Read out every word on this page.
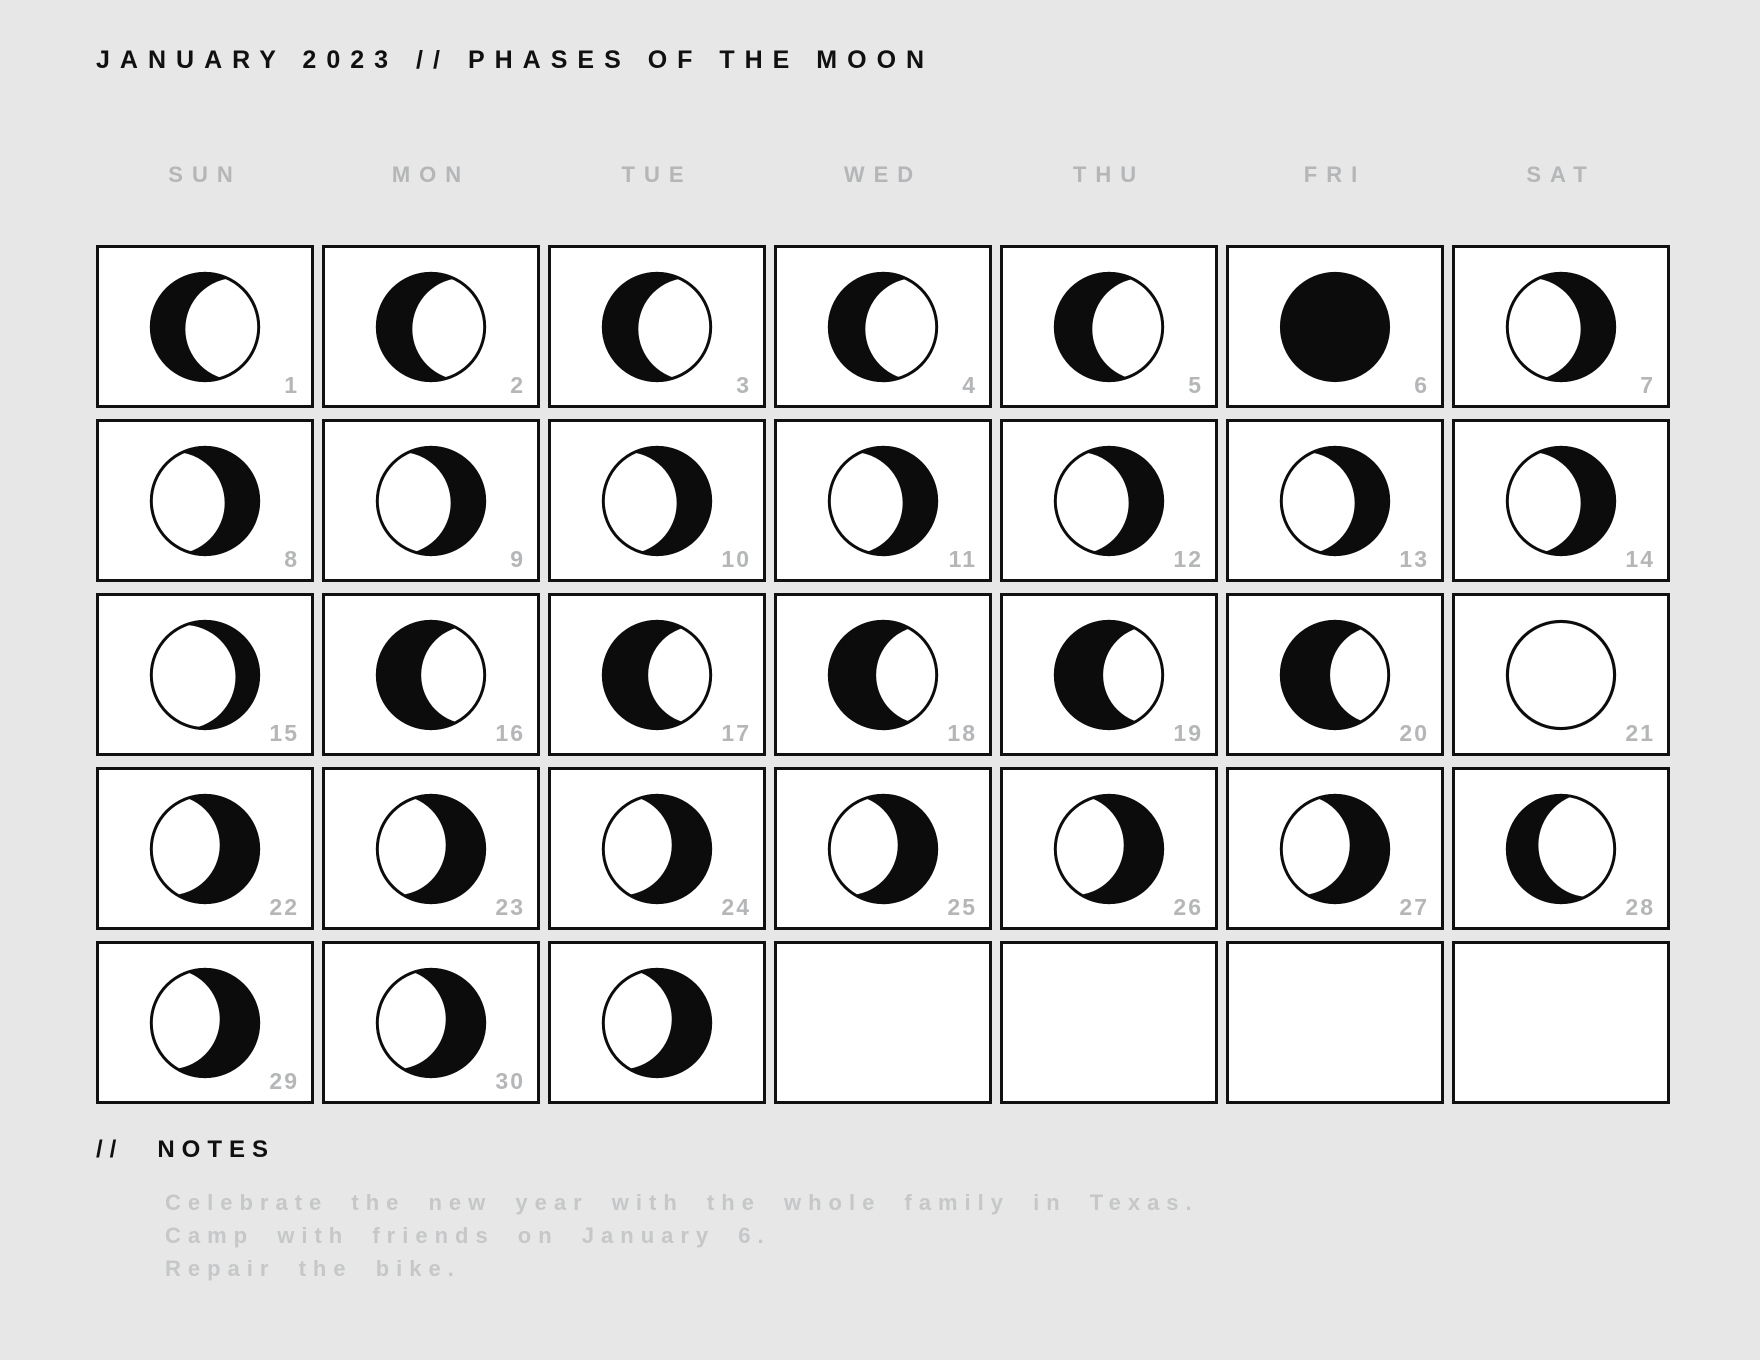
JANUARY 2023 // PHASES OF THE MOON
SUN	MON	TUE	WED	THU	FRI	SAT
1	2	3	4	5	6	7
8	9	10	11	12	13	14
15	16	17	18	19	20	21
22	23	24	25	26	27	28
29	30
// NOTES
Celebrate the new year with the whole family in Texas.
Camp with friends on January 6.
Repair the bike.
